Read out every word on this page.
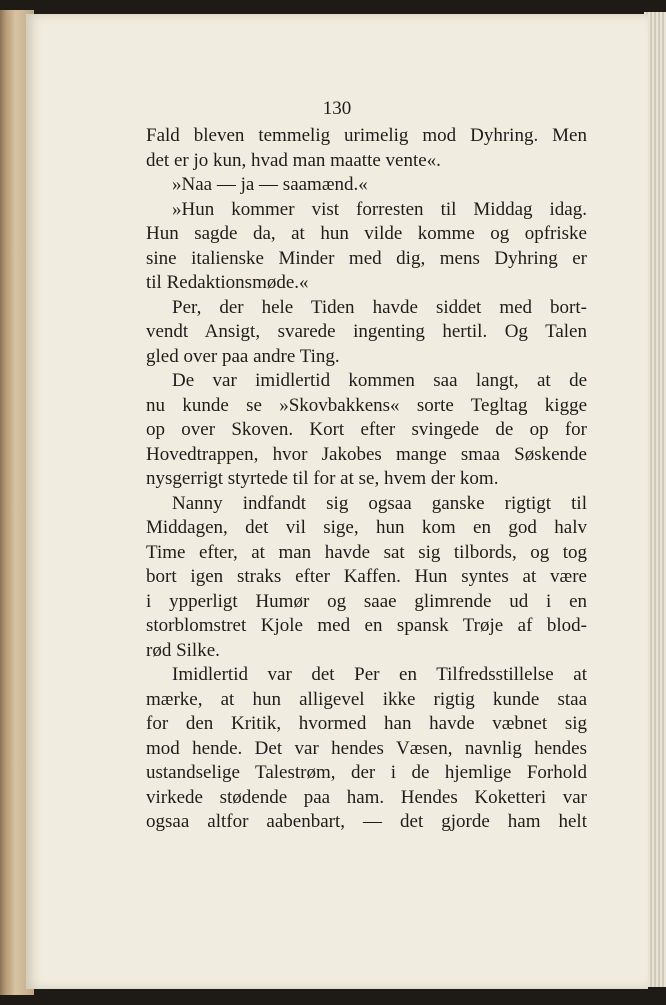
130

Fald bleven temmelig urimelig mod Dyhring. Men
det er jo kun, hvad man maatte vente«.
»Naa — ja — saamænd.«
»Hun kommer vist forresten til Middag idag.
Hun sagde da, at hun vilde komme og opfriske
sine italienske Minder med dig, mens Dyhring er
til Redaktionsmøde.«
Per, der hele Tiden havde siddet med bort-
vendt Ansigt, svarede ingenting hertil. Og Talen
gled over paa andre Ting.
De var imidlertid kommen saa langt, at de
nu kunde se »Skovbakkens« sorte Tegltag kigge
op over Skoven. Kort efter svingede de op for
Hovedtrappen, hvor Jakobes mange smaa Søskende
nysgerrigt styrtede til for at se, hvem der kom.
Nanny indfandt sig ogsaa ganske rigtigt til
Middagen, det vil sige, hun kom en god halv
Time efter, at man havde sat sig tilbords, og tog
bort igen straks efter Kaffen. Hun syntes at være
i ypperligt Humør og saae glimrende ud i en
storblomstret Kjole med en spansk Trøje af blod-
rød Silke.
Imidlertid var det Per en Tilfredsstillelse at
mærke, at hun alligevel ikke rigtig kunde staa
for den Kritik, hvormed han havde væbnet sig
mod hende. Det var hendes Væsen, navnlig hendes
ustandselige Talestrøm, der i de hjemlige Forhold
virkede stødende paa ham. Hendes Koketteri var
ogsaa altfor aabenbart, — det gjorde ham helt
